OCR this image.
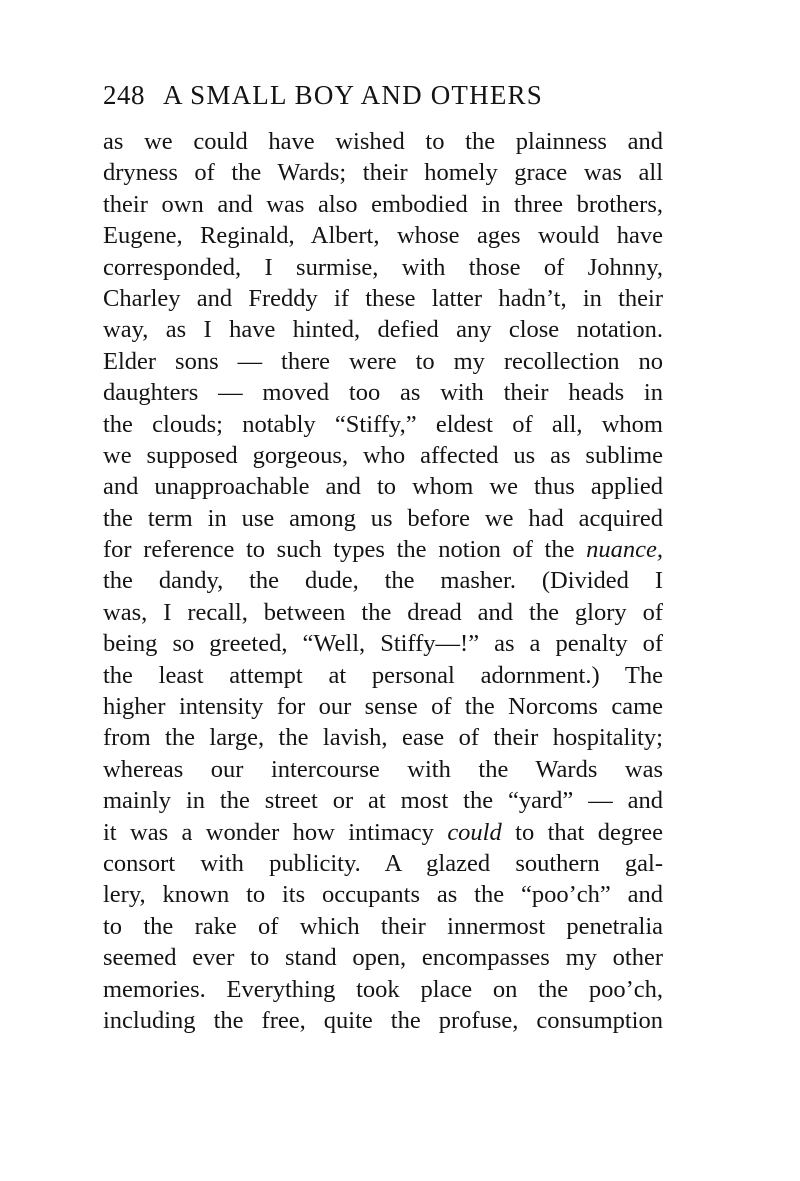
248 A SMALL BOY AND OTHERS
as we could have wished to the plainness and
dryness of the Wards; their homely grace was all
their own and was also embodied in three brothers,
Eugene, Reginald, Albert, whose ages would have
corresponded, I surmise, with those of Johnny,
Charley and Freddy if these latter hadn’t, in their
way, as I have hinted, defied any close notation.
Elder sons — there were to my recollection no
daughters — moved too as with their heads in
the clouds; notably “Stiffy,” eldest of all, whom
we supposed gorgeous, who affected us as sublime
and unapproachable and to whom we thus applied
the term in use among us before we had acquired
for reference to such types the notion of the nuance,
the dandy, the dude, the masher. (Divided I
was, I recall, between the dread and the glory of
being so greeted, “Well, Stiffy—!” as a penalty of
the least attempt at personal adornment.) The
higher intensity for our sense of the Norcoms came
from the large, the lavish, ease of their hospitality;
whereas our intercourse with the Wards was
mainly in the street or at most the “yard” — and
it was a wonder how intimacy could to that degree
consort with publicity. A glazed southern gal-
lery, known to its occupants as the “poo’ch” and
to the rake of which their innermost penetralia
seemed ever to stand open, encompasses my other
memories. Everything took place on the poo’ch,
including the free, quite the profuse, consumption
